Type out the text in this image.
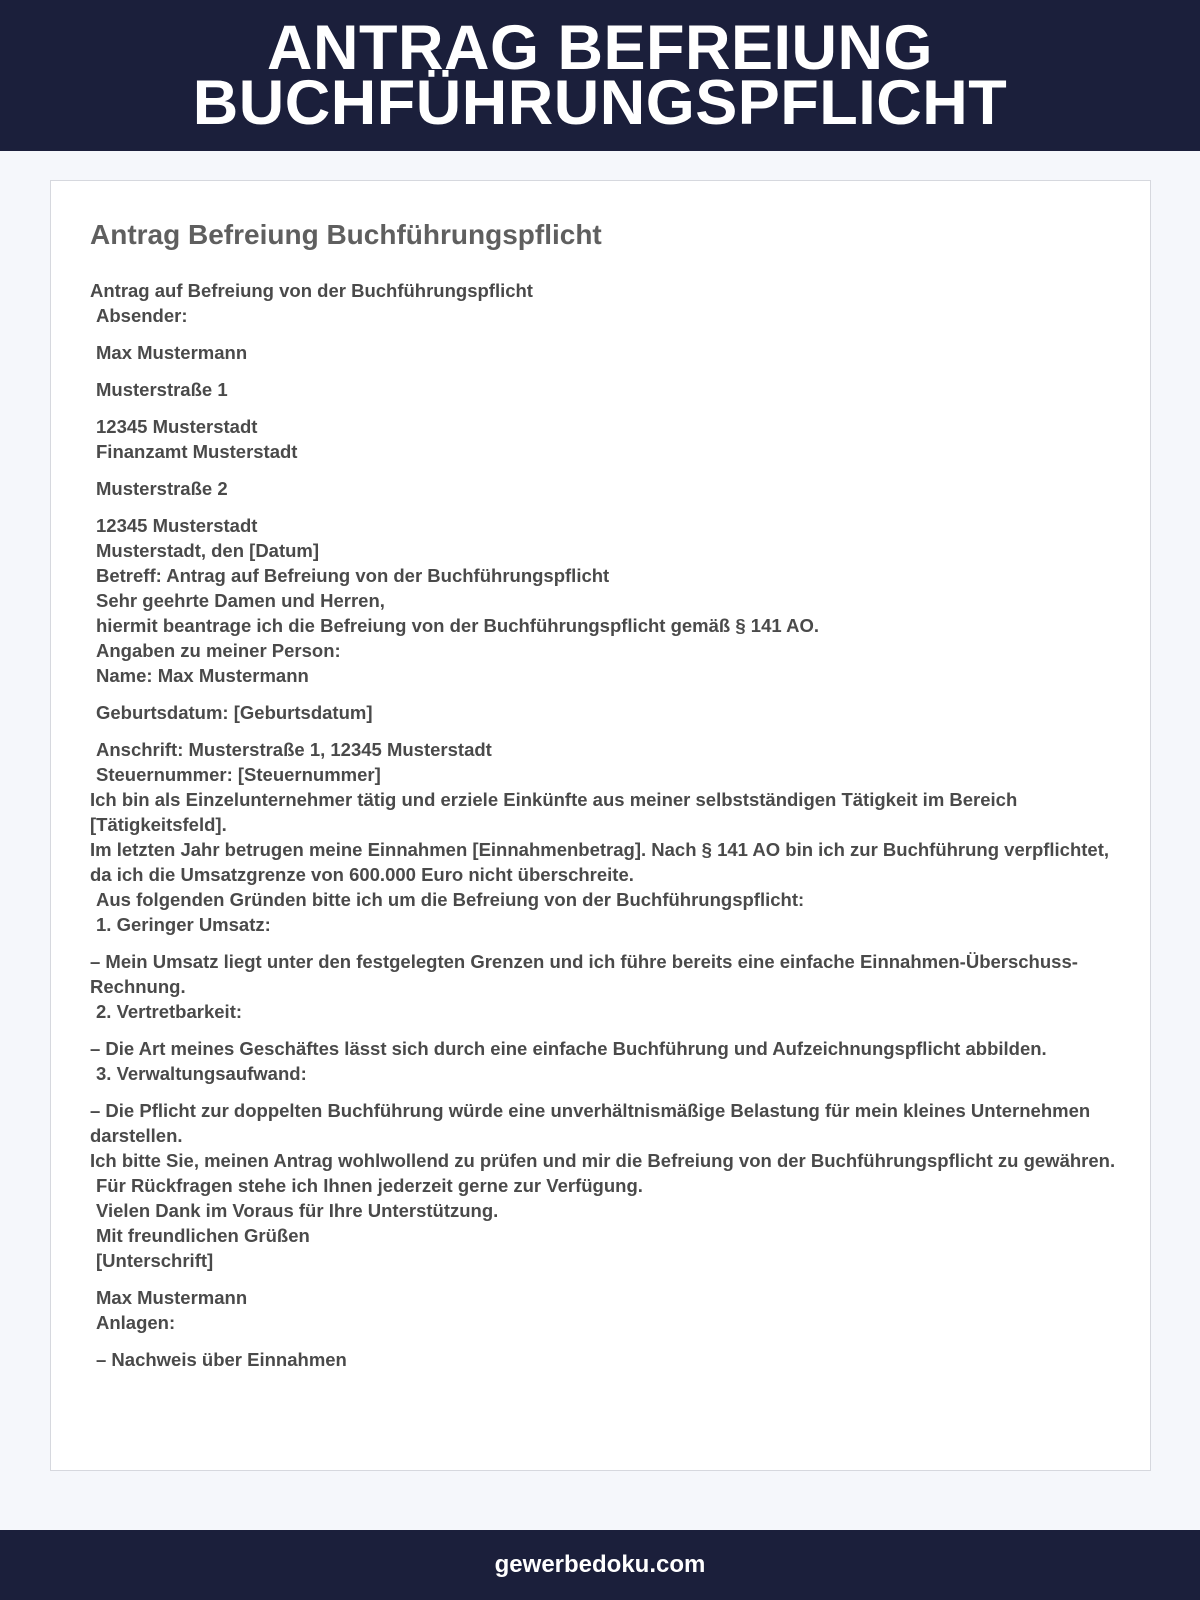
ANTRAG BEFREIUNG
BUCHFÜHRUNGSPFLICHT
Antrag Befreiung Buchführungspflicht
Antrag auf Befreiung von der Buchführungspflicht
Absender:
Max Mustermann
Musterstraße 1
12345 Musterstadt
Finanzamt Musterstadt
Musterstraße 2
12345 Musterstadt
Musterstadt, den [Datum]
Betreff: Antrag auf Befreiung von der Buchführungspflicht
Sehr geehrte Damen und Herren,
hiermit beantrage ich die Befreiung von der Buchführungspflicht gemäß § 141 AO.
Angaben zu meiner Person:
Name: Max Mustermann
Geburtsdatum: [Geburtsdatum]
Anschrift: Musterstraße 1, 12345 Musterstadt
Steuernummer: [Steuernummer]
Ich bin als Einzelunternehmer tätig und erziele Einkünfte aus meiner selbstständigen Tätigkeit im Bereich [Tätigkeitsfeld].
Im letzten Jahr betrugen meine Einnahmen [Einnahmenbetrag]. Nach § 141 AO bin ich zur Buchführung verpflichtet, da ich die Umsatzgrenze von 600.000 Euro nicht überschreite.
Aus folgenden Gründen bitte ich um die Befreiung von der Buchführungspflicht:
1. Geringer Umsatz:
– Mein Umsatz liegt unter den festgelegten Grenzen und ich führe bereits eine einfache Einnahmen-Überschuss-Rechnung.
2. Vertretbarkeit:
– Die Art meines Geschäftes lässt sich durch eine einfache Buchführung und Aufzeichnungspflicht abbilden.
3. Verwaltungsaufwand:
– Die Pflicht zur doppelten Buchführung würde eine unverhältnismäßige Belastung für mein kleines Unternehmen darstellen.
Ich bitte Sie, meinen Antrag wohlwollend zu prüfen und mir die Befreiung von der Buchführungspflicht zu gewähren.
Für Rückfragen stehe ich Ihnen jederzeit gerne zur Verfügung.
Vielen Dank im Voraus für Ihre Unterstützung.
Mit freundlichen Grüßen
[Unterschrift]
Max Mustermann
Anlagen:
– Nachweis über Einnahmen
gewerbedoku.com
